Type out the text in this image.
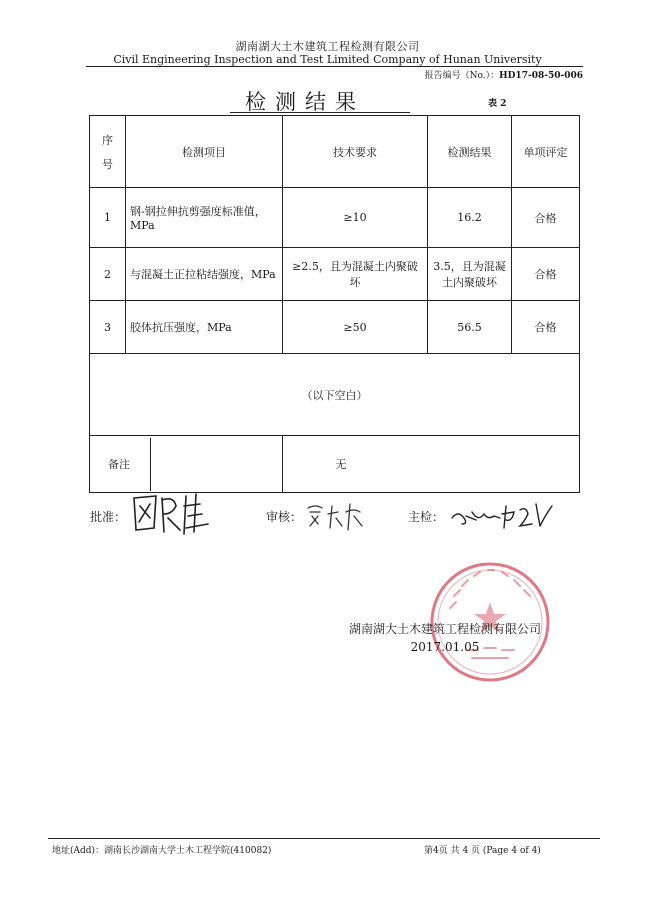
湖南湖大土木建筑工程检测有限公司
Civil Engineering Inspection and Test Limited Company of Hunan University
报告编号（No.）：HD17-08-50-006
检测结果	表 2
序
号	检测项目	技术要求	检测结果	单项评定
1	钢-钢拉伸抗剪强度标准值，MPa	≥10	16.2	合格
2	与混凝土正拉粘结强度，MPa	≥2.5，且为混凝土内聚破坏	3.5，且为混凝土内聚破坏	合格
3	胶体抗压强度，MPa	≥50	56.5	合格
（以下空白）				

备注		无		
批准：	审核：	主检：
湖南湖大土木建筑工程检测有限公司
2017.01.05
地址(Add)：湖南长沙湖南大学土木工程学院(410082)	第4页 共 4 页 (Page 4 of 4)
